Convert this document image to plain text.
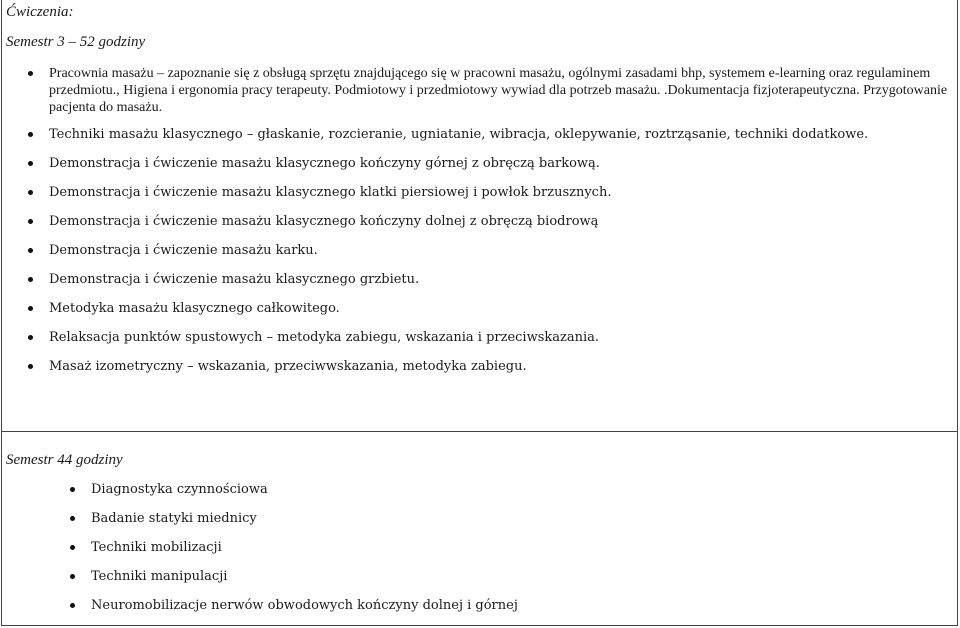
Ćwiczenia:
Semestr 3 – 52 godziny
Pracownia masażu – zapoznanie się z obsługą sprzętu znajdującego się w pracowni masażu, ogólnymi zasadami bhp, systemem e-learning oraz regulaminem przedmiotu., Higiena i ergonomia pracy terapeuty. Podmiotowy i przedmiotowy wywiad dla potrzeb masażu. .Dokumentacja fizjoterapeutyczna. Przygotowanie pacjenta do masażu.
Techniki masażu klasycznego – głaskanie, rozcieranie, ugniatanie, wibracja, oklepywanie, roztrząsanie, techniki dodatkowe.
Demonstracja i ćwiczenie masażu klasycznego kończyny górnej z obręczą barkową.
Demonstracja i ćwiczenie masażu klasycznego klatki piersiowej i powłok brzusznych.
Demonstracja i ćwiczenie masażu klasycznego kończyny dolnej z obręczą biodrową
Demonstracja i ćwiczenie masażu karku.
Demonstracja i ćwiczenie masażu klasycznego grzbietu.
Metodyka masażu klasycznego całkowitego.
Relaksacja punktów spustowych – metodyka zabiegu, wskazania i przeciwskazania.
Masaż izometryczny – wskazania, przeciwwskazania, metodyka zabiegu.
Semestr 44 godziny
Diagnostyka czynnościowa
Badanie statyki miednicy
Techniki mobilizacji
Techniki manipulacji
Neuromobilizacje nerwów obwodowych kończyny dolnej i górnej
